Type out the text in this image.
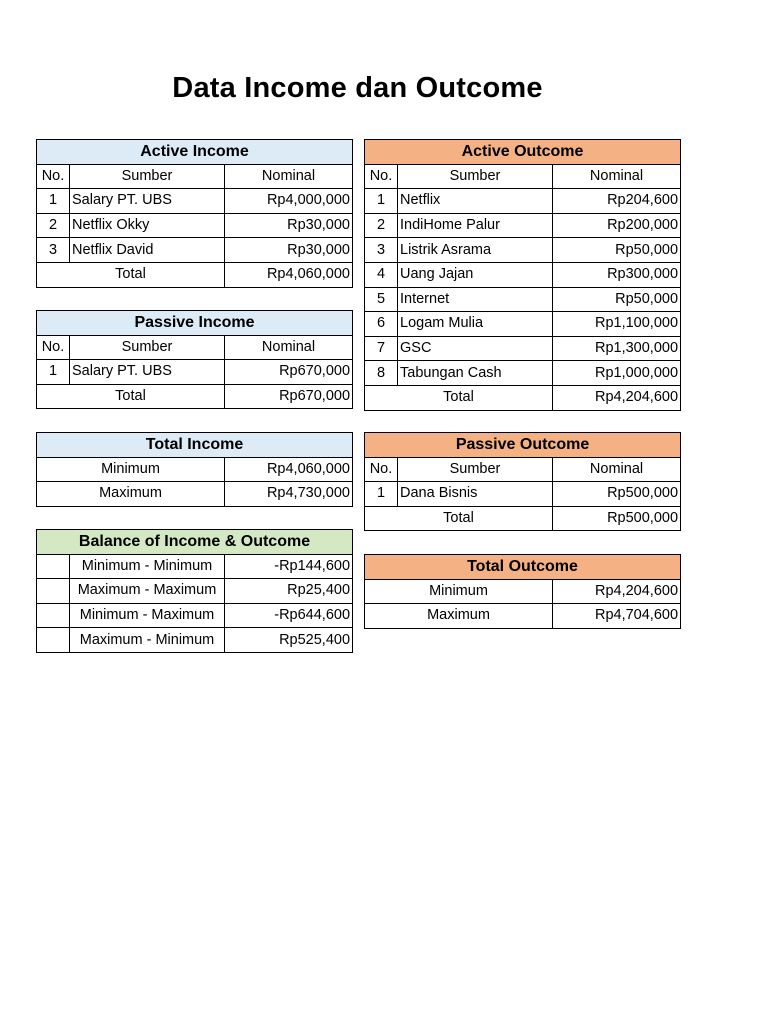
Data Income dan Outcome
Active Income		
No.	Sumber	Nominal
1	Salary PT. UBS	Rp4,000,000
2	Netflix Okky	Rp30,000
3	Netflix David	Rp30,000
Total		Rp4,060,000
Passive Income		
No.	Sumber	Nominal
1	Salary PT. UBS	Rp670,000
Total		Rp670,000
Total Income	
Minimum	Rp4,060,000
Maximum	Rp4,730,000
Balance of Income & Outcome		
	Minimum - Minimum	-Rp144,600
	Maximum - Maximum	Rp25,400
	Minimum - Maximum	-Rp644,600
	Maximum - Minimum	Rp525,400
Active Outcome		
No.	Sumber	Nominal
1	Netflix	Rp204,600
2	IndiHome Palur	Rp200,000
3	Listrik Asrama	Rp50,000
4	Uang Jajan	Rp300,000
5	Internet	Rp50,000
6	Logam Mulia	Rp1,100,000
7	GSC	Rp1,300,000
8	Tabungan Cash	Rp1,000,000
Total		Rp4,204,600
Passive Outcome		
No.	Sumber	Nominal
1	Dana Bisnis	Rp500,000
Total		Rp500,000
Total Outcome	
Minimum	Rp4,204,600
Maximum	Rp4,704,600
